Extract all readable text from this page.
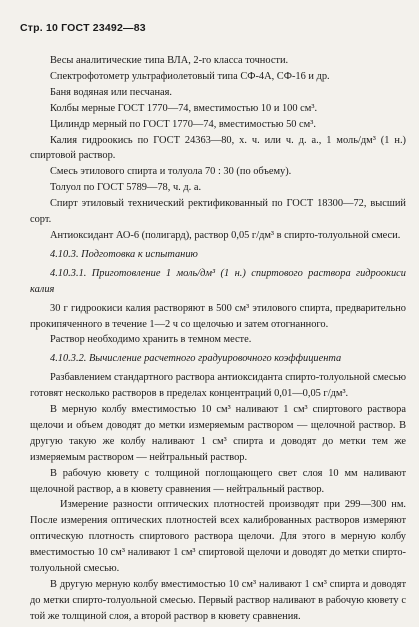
Стр. 10 ГОСТ 23492—83

Весы аналитические типа ВЛА, 2-го класса точности.

Спектрофотометр ультрафиолетовый типа СФ-4А, СФ-16 и др.

Баня водяная или песчаная.

Колбы мерные ГОСТ 1770—74, вместимостью 10 и 100 см³.

Цилиндр мерный по ГОСТ 1770—74, вместимостью 50 см³.

Калия гидроокись по ГОСТ 24363—80, х. ч. или ч. д. а., 1 моль/дм³ (1 н.) спиртовой раствор.

Смесь этилового спирта и толуола 70 : 30 (по объему).

Толуол по ГОСТ 5789—78, ч. д. а.

Спирт этиловый технический ректификованный по ГОСТ 18300—72, высший сорт.

Антиоксидант АО-6 (полигард), раствор 0,05 г/дм³ в спирто-толуольной смеси.

4.10.3. Подготовка к испытанию

4.10.3.1. Приготовление 1 моль/дм³ (1 н.) спиртового раствора гидроокиси калия

30 г гидроокиси калия растворяют в 500 см³ этилового спирта, предварительно прокипяченного в течение 1—2 ч со щелочью и затем отогнанного.

Раствор необходимо хранить в темном месте.

4.10.3.2. Вычисление расчетного градуировочного коэффициента

Разбавлением стандартного раствора антиоксиданта спирто-толуольной смесью готовят несколько растворов в пределах концентраций 0,01—0,05 г/дм³.

В мерную колбу вместимостью 10 см³ наливают 1 см³ спиртового раствора щелочи и объем доводят до метки измеряемым раствором — щелочной раствор. В другую такую же колбу наливают 1 см³ спирта и доводят до метки тем же измеряемым раствором — нейтральный раствор.

В рабочую кювету с толщиной поглощающего свет слоя 10 мм наливают щелочной раствор, а в кювету сравнения — нейтральный раствор.

Измерение разности оптических плотностей производят при 299—300 нм. После измерения оптических плотностей всех калиброванных растворов измеряют оптическую плотность спиртового раствора щелочи. Для этого в мерную колбу вместимостью 10 см³ наливают 1 см³ спиртовой щелочи и доводят до метки спирто-толуольной смесью.

В другую мерную колбу вместимостью 10 см³ наливают 1 см³ спирта и доводят до метки спирто-толуольной смесью. Первый раствор наливают в рабочую кювету с той же толщиной слоя, а второй раствор в кювету сравнения.
